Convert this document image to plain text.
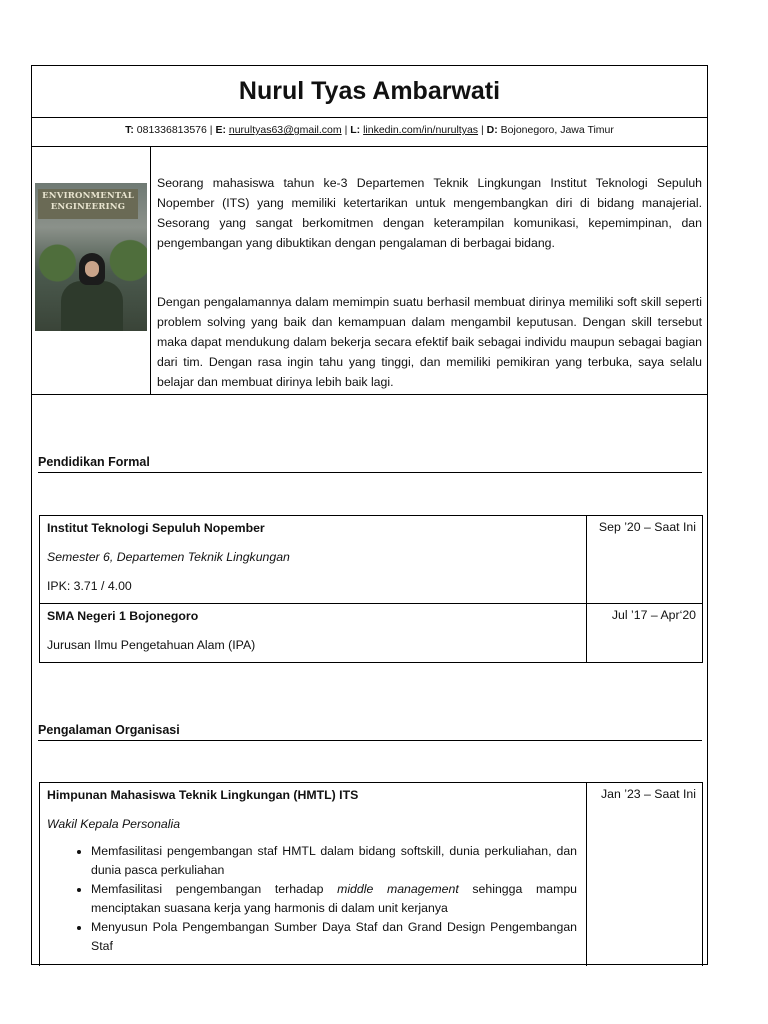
Nurul Tyas Ambarwati
T: 081336813576 | E: nurultyas63@gmail.com | L: linkedin.com/in/nurultyas | D: Bojonegoro, Jawa Timur
ENVIRONMENTAL
ENGINEERING

Seorang mahasiswa tahun ke-3 Departemen Teknik Lingkungan Institut Teknologi Sepuluh Nopember (ITS) yang memiliki ketertarikan untuk mengembangkan diri di bidang manajerial. Sesorang yang sangat berkomitmen dengan keterampilan komunikasi, kepemimpinan, dan pengembangan yang dibuktikan dengan pengalaman di berbagai bidang.

Dengan pengalamannya dalam memimpin suatu berhasil membuat dirinya memiliki soft skill seperti problem solving yang baik dan kemampuan dalam mengambil keputusan. Dengan skill tersebut maka dapat mendukung dalam bekerja secara efektif baik sebagai individu maupun sebagai bagian dari tim. Dengan rasa ingin tahu yang tinggi, dan memiliki pemikiran yang terbuka, saya selalu belajar dan membuat dirinya lebih baik lagi.

Pendidikan Formal
Institut Teknologi Sepuluh Nopember
Semester 6, Departemen Teknik Lingkungan
IPK: 3.71 / 4.00
Sep ’20 – Saat Ini
SMA Negeri 1 Bojonegoro
Jurusan Ilmu Pengetahuan Alam (IPA)
Jul ’17 – Apr‘20
Pengalaman Organisasi
Himpunan Mahasiswa Teknik Lingkungan (HMTL) ITS
Wakil Kepala Personalia
• Memfasilitasi pengembangan staf HMTL dalam bidang softskill, dunia perkuliahan, dan dunia pasca perkuliahan
• Memfasilitasi pengembangan terhadap middle management sehingga mampu menciptakan suasana kerja yang harmonis di dalam unit kerjanya
• Menyusun Pola Pengembangan Sumber Daya Staf dan Grand Design Pengembangan Staf
Jan ’23 – Saat Ini
